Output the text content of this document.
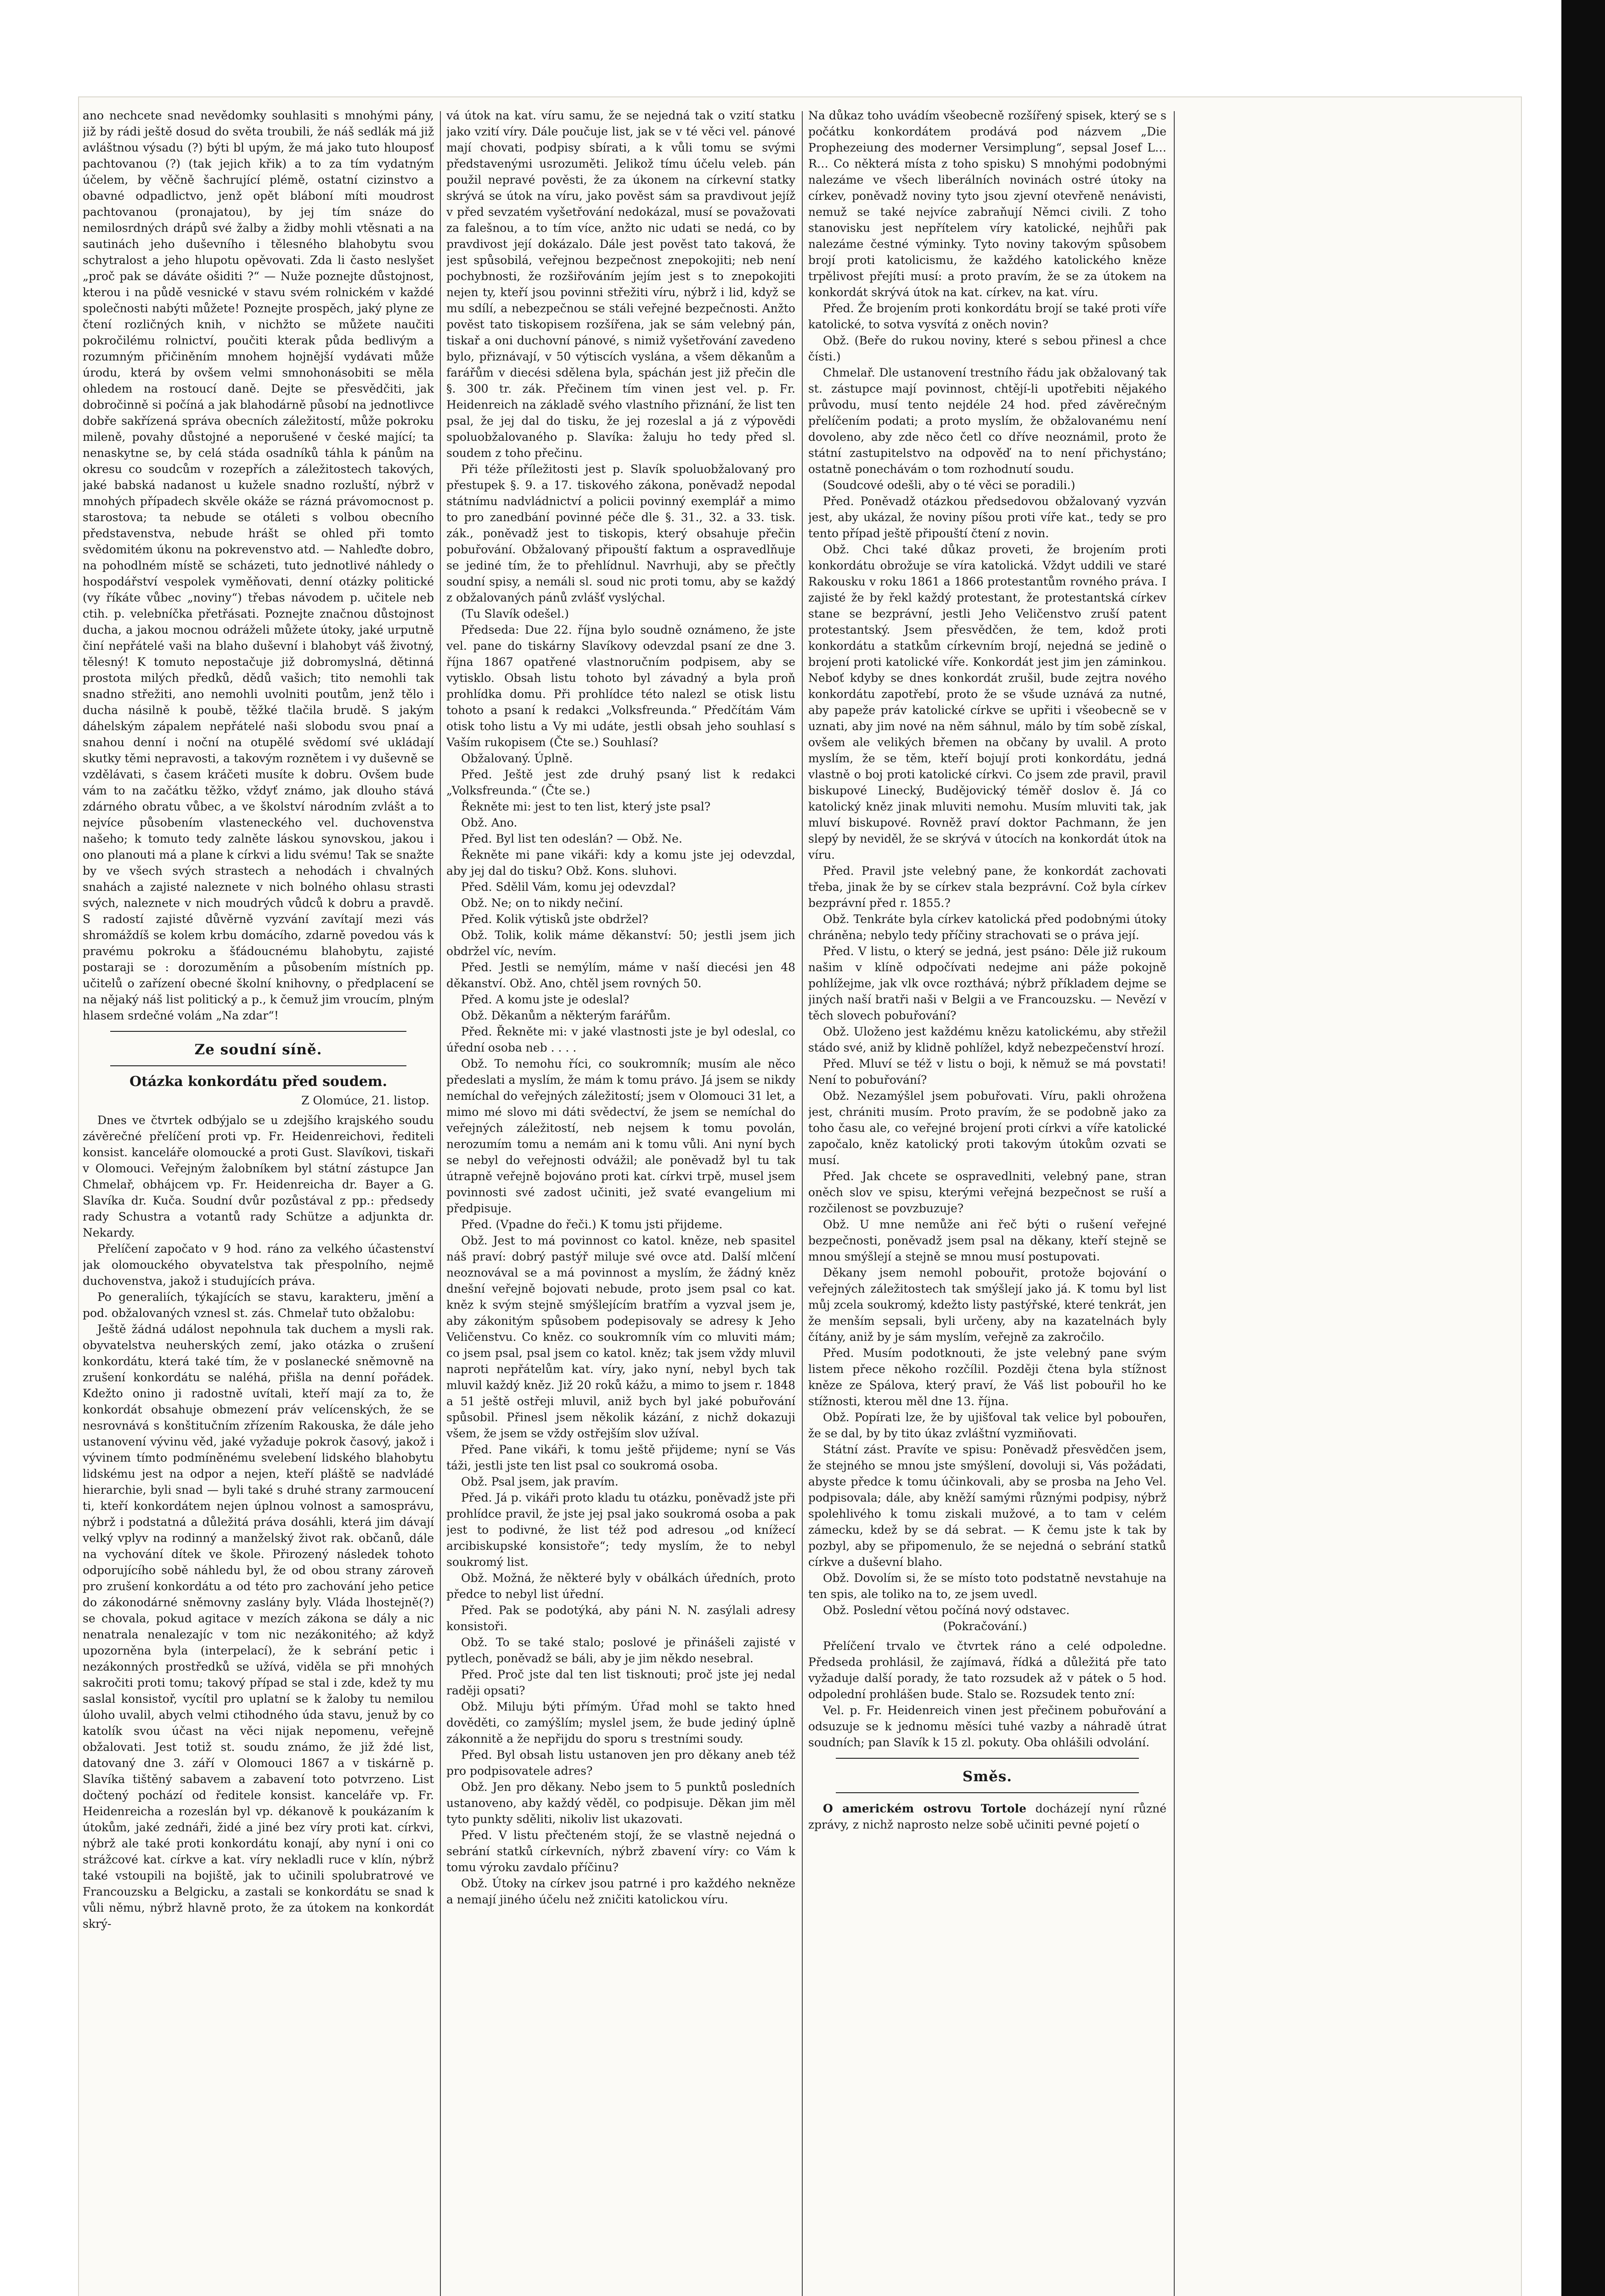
ano nechcete snad nevědomky souhlasiti s mnohými pány, již by rádi ještě dosud do světa troubili, že náš sedlák má již avláštnou výsadu (?) býti bl upým, že má jako tuto hlouposť pachtovanou (?) (tak jejich křik) a to za tím vydatným účelem, by věčně šachrující plémě, ostatní cizinstvo a obavné odpadlictvo, jenž opět bláboní míti moudrost pachtovanou (pronajatou), by jej tím snáze do nemilosrdných drápů své žalby a židby mohli vtěsnati a na sautinách jeho duševního i tělesného blahobytu svou schytralost a jeho hlupotu opěvovati. Zda li často neslyšet „proč pak se dáváte ošiditi ?“ — Nuže poznejte důstojnost, kterou i na půdě vesnické v stavu svém rolnickém v každé společnosti nabýti můžete! Poznejte prospěch, jaký plyne ze čtení rozličných knih, v nichžto se můžete naučiti pokročilému rolnictví, poučiti kterak půda bedlivým a rozumným přičiněním mnohem hojnější vydávati může úrodu, která by ovšem velmi smnohonásobiti se měla ohledem na rostoucí daně. Dejte se přesvědčiti, jak dobročinně si počíná a jak blahodárně působí na jednotlivce dobře sakřízená správa obecních záležitostí, může pokroku mileně, povahy důstojné a neporušené v české mající; ta nenaskytne se, by celá stáda osadníků táhla k pánům na okresu co soudcům v rozepřích a záležitostech takových, jaké babská nadanost u kužele snadno rozluští, nýbrž v mnohých případech skvěle okáže se rázná právomocnost p. starostova; ta nebude se otáleti s volbou obecního představenstva, nebude hrášt se ohled při tomto svědomitém úkonu na pokrevenstvo atd. — Nahleďte dobro, na pohodlném místě se scházeti, tuto jednotlivé náhledy o hospodářství vespolek vyměňovati, denní otázky politické (vy říkáte vůbec „noviny“) třebas návodem p. učitele neb ctih. p. velebníčka přetřásati. Poznejte značnou důstojnost ducha, a jakou mocnou odráželi můžete útoky, jaké urputně činí nepřátelé vaši na blaho duševní i blahobyt váš životný, tělesný! K tomuto nepostačuje již dobromyslná, dětinná prostota milých předků, dědů vašich; tito nemohli tak snadno střežiti, ano nemohli uvolniti poutům, jenž tělo i ducha násilně k poubě, těžké tlačila brudě. S jakým dáhelským zápalem nepřátelé naši slobodu svou pnaí a snahou denní i noční na otupělé svědomí své ukládají skutky těmi nepravosti, a takovým roznětem i vy duševně se vzdělávati, s časem kráčeti musíte k dobru. Ovšem bude vám to na začátku těžko, vždyť známo, jak dlouho stává zdárného obratu vůbec, a ve školství národním zvlášt a to nejvíce působením vlasteneckého vel. duchovenstva našeho; k tomuto tedy zalněte láskou synovskou, jakou i ono planouti má a plane k církvi a lidu svému! Tak se snažte by ve všech svých strastech a nehodách i chvalných snahách a zajisté naleznete v nich bolného ohlasu strasti svých, naleznete v nich moudrých vůdců k dobru a pravdě. S radostí zajisté důvěrně vyzvání zavítají mezi vás shromáždíš se kolem krbu domácího, zdarně povedou vás k pravému pokroku a šťádoucnému blahobytu, zajisté postaraji se : dorozuměním a působením místních pp. učitelů o zařízení obecné školní knihovny, o předplacení se na nějaký náš list politický a p., k čemuž jim vroucím, plným hlasem srdečné volám „Na zdar“!

Ze soudní síně.
Otázka konkordátu před soudem.
Z Olomúce, 21. listop.

Dnes ve čtvrtek odbýjalo se u zdejšího krajského soudu závěrečné přelíčení proti vp. Fr. Heidenreichovi, řediteli konsist. kanceláře olomoucké a proti Gust. Slavíkovi, tiskaři v Olomouci. Veřejným žalobníkem byl státní zástupce Jan Chmelař, obhájcem vp. Fr. Heidenreicha dr. Bayer a G. Slavíka dr. Kuča. Soudní dvůr pozůstával z pp.: předsedy rady Schustra a votantů rady Schütze a adjunkta dr. Nekardy.

Přelíčení započato v 9 hod. ráno za velkého účastenství jak olomouckého obyvatelstva tak přespolního, nejmě duchovenstva, jakož i studujících práva.

Po generaliích, týkajících se stavu, karakteru, jmění a pod. obžalovaných vznesl st. zás. Chmelař tuto obžalobu:

Ještě žádná událost nepohnula tak duchem a mysli rak. obyvatelstva neuherských zemí, jako otázka o zrušení konkordátu, která také tím, že v poslanecké sněmovně na zrušení konkordátu se naléhá, přišla na denní pořádek. Kdežto onino ji radostně uvítali, kteří mají za to, že konkordát obsahuje obmezení práv velícenských, že se nesrovnává s konštitučním zřízením Rakouska, že dále jeho ustanovení vývinu věd, jaké vyžaduje pokrok časový, jakož i vývinem tímto podmíněnému svelebení lidského blahobytu lidskému jest na odpor a nejen, kteří pláště se nadvládé hierarchie, byli snad — byli také s druhé strany zarmoucení ti, kteří konkordátem nejen úplnou volnost a samosprávu, nýbrž i podstatná a důležitá práva dosáhli, která jim dávají velký vplyv na rodinný a manželský život rak. občanů, dále na vychování dítek ve škole. Přirozený následek tohoto odporujícího sobě náhledu byl, že od obou strany zároveň pro zrušení konkordátu a od této pro zachování jeho petice do zákonodárné sněmovny zaslány byly. Vláda lhostejně(?) se chovala, pokud agitace v mezích zákona se dály a nic nenatrala nenalezajíc v tom nic nezákonitého; až když upozorněna byla (interpelací), že k sebrání petic i nezákonných prostředků se užívá, viděla se při mnohých sakročiti proti tomu; takový případ se stal i zde, kdež ty mu saslal konsistoř, vycítil pro uplatní se k žaloby tu nemilou úloho uvalil, abych velmi ctihodného úda stavu, jenuž by co katolík svou účast na věci nijak nepomenu, veřejně obžalovati. Jest totiž st. soudu známo, že již ždé list, datovaný dne 3. září v Olomouci 1867 a v tiskárně p. Slavíka tištěný sabavem a zabavení toto potvrzeno. List dočtený pochází od ředitele konsist. kanceláře vp. Fr. Heidenreicha a rozeslán byl vp. dékanově k poukázaním k útokům, jaké zednáři, židé a jiné bez víry proti kat. církvi, nýbrž ale také proti konkordátu konají, aby nyní i oni co strážcové kat. církve a kat. víry nekladli ruce v klín, nýbrž také vstoupili na bojiště, jak to učinili spolubratrové ve Francouzsku a Belgicku, a zastali se konkordátu se snad k vůli němu, nýbrž hlavně proto, že za útokem na konkordát skrý-

vá útok na kat. víru samu, že se nejedná tak o vzití statku jako vzití víry. Dále poučuje list, jak se v té věci vel. pánové mají chovati, podpisy sbírati, a k vůli tomu se svými představenými usrozuměti. Jelikož tímu účelu veleb. pán použil nepravé pověsti, že za úkonem na církevní statky skrývá se útok na víru, jako pověst sám sa pravdivout jejíž v před sevzatém vyšetřování nedokázal, musí se považovati za falešnou, a to tím více, anžto nic udati se nedá, co by pravdivost její dokázalo. Dále jest pověst tato taková, že jest spůsobilá, veřejnou bezpečnost znepokojiti; neb není pochybnosti, že rozšiřováním jejím jest s to znepokojiti nejen ty, kteří jsou povinni střežiti víru, nýbrž i lid, když se mu sdílí, a nebezpečnou se stáli veřejné bezpečnosti. Anžto pověst tato tiskopisem rozšířena, jak se sám velebný pán, tiskař a oni duchovní pánové, s nimiž vyšetřování zavedeno bylo, přiznávají, v 50 výtiscích vyslána, a všem děkanům a farářům v diecési sdělena byla, spáchán jest již přečin dle §. 300 tr. zák. Přečinem tím vinen jest vel. p. Fr. Heidenreich na základě svého vlastního přiznání, že list ten psal, že jej dal do tisku, že jej rozeslal a já z výpovědi spoluobžalovaného p. Slavíka: žaluju ho tedy před sl. soudem z toho přečinu.

Při téže příležitosti jest p. Slavík spoluobžalovaný pro přestupek §. 9. a 17. tiskového zákona, poněvadž nepodal státnímu nadvládnictví a policii povinný exemplář a mimo to pro zanedbání povinné péče dle §. 31., 32. a 33. tisk. zák., poněvadž jest to tiskopis, který obsahuje přečin pobuřování. Obžalovaný připouští faktum a ospravedlňuje se jediné tím, že to přehlídnul. Navrhuji, aby se přečtly soudní spisy, a nemáli sl. soud nic proti tomu, aby se každý z obžalovaných pánů zvlášť vyslýchal.

(Tu Slavík odešel.)

Předseda: Due 22. října bylo soudně oznámeno, že jste vel. pane do tiskárny Slavíkovy odevzdal psaní ze dne 3. října 1867 opatřené vlastnoručním podpisem, aby se vytisklo. Obsah listu tohoto byl závadný a byla proň prohlídka domu. Při prohlídce této nalezl se otisk listu tohoto a psaní k redakci „Volksfreunda.“ Předčítám Vám otisk toho listu a Vy mi udáte, jestli obsah jeho souhlasí s Vaším rukopisem (Čte se.) Souhlasí?

Obžalovaný. Úplně.

Před. Ještě jest zde druhý psaný list k redakci „Volksfreunda.“ (Čte se.)

Řekněte mi: jest to ten list, který jste psal?

Obž. Ano.

Před. Byl list ten odeslán? — Obž. Ne.

Řekněte mi pane vikáři: kdy a komu jste jej odevzdal, aby jej dal do tisku? Obž. Kons. sluhovi.

Před. Sdělil Vám, komu jej odevzdal?

Obž. Ne; on to nikdy nečiní.

Před. Kolik výtisků jste obdržel?

Obž. Tolik, kolik máme děkanství: 50; jestli jsem jich obdržel víc, nevím.

Před. Jestli se nemýlím, máme v naší diecési jen 48 děkanství. Obž. Ano, chtěl jsem rovných 50.

Před. A komu jste je odeslal?

Obž. Děkanům a některým farářům.

Před. Řekněte mi: v jaké vlastnosti jste je byl odeslal, co úřední osoba neb . . . .

Obž. To nemohu říci, co soukromník; musím ale něco předeslati a myslím, že mám k tomu právo. Já jsem se nikdy nemíchal do veřejných záležitostí; jsem v Olomouci 31 let, a mimo mé slovo mi dáti svědectví, že jsem se nemíchal do veřejných záležitostí, neb nejsem k tomu povolán, nerozumím tomu a nemám ani k tomu vůli. Ani nyní bych se nebyl do veřejnosti odvážil; ale poněvadž byl tu tak útrapně veřejně bojováno proti kat. církvi trpě, musel jsem povinnosti své zadost učiniti, jež svaté evangelium mi předpisuje.

Před. (Vpadne do řeči.) K tomu jsti přijdeme.

Obž. Jest to má povinnost co katol. kněze, neb spasitel náš praví: dobrý pastýř miluje své ovce atd. Další mlčení neoznovával se a má povinnost a myslím, že žádný kněz dnešní veřejně bojovati nebude, proto jsem psal co kat. kněz k svým stejně smýšlejícím bratřím a vyzval jsem je, aby zákonitým spůsobem podepisovaly se adresy k Jeho Veličenstvu. Co kněz. co soukromník vím co mluviti mám; co jsem psal, psal jsem co katol. kněz; tak jsem vždy mluvil naproti nepřátelům kat. víry, jako nyní, nebyl bych tak mluvil každý kněz. Již 20 roků kážu, a mimo to jsem r. 1848 a 51 ještě ostřeji mluvil, aniž bych byl jaké pobuřování spůsobil. Přinesl jsem několik kázání, z nichž dokazuji všem, že jsem se vždy ostřejším slov užíval.

Před. Pane vikáři, k tomu ještě přijdeme; nyní se Vás táži, jestli jste ten list psal co soukromá osoba.

Obž. Psal jsem, jak pravím.

Před. Já p. vikáři proto kladu tu otázku, poněvadž jste při prohlídce pravil, že jste jej psal jako soukromá osoba a pak jest to podivné, že list též pod adresou „od knížecí arcibiskupské konsistoře“; tedy myslím, že to nebyl soukromý list.

Obž. Možná, že některé byly v obálkách úředních, proto předce to nebyl list úřední.

Před. Pak se podotýká, aby páni N. N. zasýlali adresy konsistoři.

Obž. To se také stalo; poslové je přinášeli zajisté v pytlech, poněvadž se báli, aby je jim někdo nesebral.

Před. Proč jste dal ten list tisknouti; proč jste jej nedal raději opsati?

Obž. Miluju býti přímým. Úřad mohl se takto hned dověděti, co zamýšlím; myslel jsem, že bude jediný úplně zákonnitě a že nepřijdu do sporu s trestními soudy.

Před. Byl obsah listu ustanoven jen pro děkany aneb též pro podpisovatele adres?

Obž. Jen pro děkany. Nebo jsem to 5 punktů posledních ustanoveno, aby každý věděl, co podpisuje. Děkan jim měl tyto punkty sděliti, nikoliv list ukazovati.

Před. V listu přečteném stojí, že se vlastně nejedná o sebrání statků církevních, nýbrž zbavení víry: co Vám k tomu výroku zavdalo příčinu?

Obž. Útoky na církev jsou patrné i pro každého neknězе a nemají jiného účelu než zničiti katolickou víru.

Na důkaz toho uvádím všeobecně rozšířený spisek, který se s počátku konkordátem prodává pod názvem „Die Prophezeiung des moderner Versimplung“, sepsal Josef L… R… Co některá místa z toho spisku) S mnohými podobnými nalezáme ve všech liberálních novinách ostré útoky na církev, poněvadž noviny tyto jsou zjevní otevřeně nenávisti, nemuž se také nejvíce zabraňují Němci civili. Z toho stanovisku jest nepřítelem víry katolické, nejhůři pak nalezáme čestné výminky. Tyto noviny takovým spůsobem brojí proti katolicismu, že každého katolického kněze trpělivost přejíti musí: a proto pravím, že se za útokem na konkordát skrývá útok na kat. církev, na kat. víru.

Před. Že brojením proti konkordátu brojí se také proti víře katolické, to sotva vysvítá z oněch novin?

Obž. (Beře do rukou noviny, které s sebou přinesl a chce čísti.)

Chmelař. Dle ustanovení trestního řádu jak obžalovaný tak st. zástupce mají povinnost, chtějí-li upotřebiti nějakého průvodu, musí tento nejdéle 24 hod. před závěrečným přelíčením podati; a proto myslím, že obžalovanému není dovoleno, aby zde něco četl co dříve neoznámil, proto že státní zastupitelstvo na odpověď na to není přichystáno; ostatně ponechávám o tom rozhodnutí soudu.

(Soudcové odešli, aby o té věci se poradili.)

Před. Poněvadž otázkou předsedovou obžalovaný vyzván jest, aby ukázal, že noviny píšou proti víře kat., tedy se pro tento případ ještě připouští čtení z novin.

Obž. Chci také důkaz proveti, že brojením proti konkordátu obrožuje se víra katolická. Vždyt uddili ve staré Rakousku v roku 1861 a 1866 protestantům rovného práva. I zajisté že by řekl každý protestant, že protestantská církev stane se bezprávní, jestli Jeho Veličenstvo zruší patent protestantský. Jsem přesvědčen, že tem, kdož proti konkordátu a statkům církevním brojí, nejedná se jedině o brojení proti katolické víře. Konkordát jest jim jen záminkou. Neboť kdyby se dnes konkordát zrušil, bude zejtra nového konkordátu zapotřebí, proto že se všude uznává za nutné, aby papeže práv katolické církve se upřiti i všeobecně se v uznati, aby jim nové na něm sáhnul, málo by tím sobě získal, ovšem ale velikých břemen na občany by uvalil. A proto myslím, že se těm, kteří bojují proti konkordátu, jedná vlastně o boj proti katolické církvi. Co jsem zde pravil, pravil biskupové Linecký, Budějovický téměř doslov ě. Já co katolický kněz jinak mluviti nemohu. Musím mluviti tak, jak mluví biskupové. Rovněž praví doktor Pachmann, že jen slepý by neviděl, že se skrývá v útocích na konkordát útok na víru.

Před. Pravil jste velebný pane, že konkordát zachovati třeba, jinak že by se církev stala bezprávní. Což byla církev bezprávní před r. 1855.?

Obž. Tenkráte byla církev katolická před podobnými útoky chráněna; nebylo tedy příčiny strachovati se o práva její.

Před. V listu, o který se jedná, jest psáno: Děle již rukoum našim v klíně odpočívati nedejme ani páže pokojně pohlížejme, jak vlk ovce rozthává; nýbrž příkladem dejme se jiných naší bratři naši v Belgii a ve Francouzsku. — Nevězí v těch slovech pobuřování?

Obž. Uloženo jest každému knězu katolickému, aby střežil stádo své, aniž by klidně pohlížel, když nebezpečenství hrozí.

Před. Mluví se též v listu o boji, k němuž se má povstati! Není to pobuřování?

Obž. Nezamýšlel jsem pobuřovati. Víru, pakli ohrožena jest, chrániti musím. Proto pravím, že se podobně jako za toho času ale, co veřejné brojení proti církvi a víře katolické započalo, kněz katolický proti takovým útokům ozvati se musí.

Před. Jak chcete se ospravedlniti, velebný pane, stran oněch slov ve spisu, kterými veřejná bezpečnost se ruší a rozčilenost se povzbuzuje?

Obž. U mne nemůže ani řeč býti o rušení veřejné bezpečnosti, poněvadž jsem psal na děkany, kteří stejně se mnou smýšlejí a stejně se mnou musí postupovati.

Děkany jsem nemohl pobouřit, protože bojování o veřejných záležitostech tak smýšlejí jako já. K tomu byl list můj zcela soukromý, kdežto listy pastýřské, které tenkrát, jen že menším sepsali, byli určeny, aby na kazatelnách byly čítány, aniž by je sám myslím, veřejně za zakročilo.

Před. Musím podotknouti, že jste velebný pane svým listem přece někoho rozčílil. Později čtena byla stížnost kněze ze Spálova, který praví, že Váš list pobouřil ho ke stížnosti, kterou měl dne 13. října.

Obž. Popírati lze, že by ujišťoval tak velice byl pobouřen, že se dal, by by tito úkaz zvláštní vyzmiňovati.

Státní zást. Pravíte ve spisu: Poněvadž přesvědčen jsem, že stejného se mnou jste smýšlení, dovoluji si, Vás požádati, abyste předce k tomu účinkovali, aby se prosba na Jeho Vel. podpisovala; dále, aby kněží samými různými podpisy, nýbrž spolehlivého k tomu ziskali mužové, a to tam v celém zámecku, kdež by se dá sebrat. — K čemu jste k tak by pozbyl, aby se připomenulo, že se nejedná o sebrání statků církve a duševní blaho.

Obž. Dovolím si, že se místo toto podstatně nevstahuje na ten spis, ale toliko na to, ze jsem uvedl.

Obž. Poslední větou počíná nový odstavec.

(Pokračování.)

Přelíčení trvalo ve čtvrtek ráno a celé odpoledne. Předseda prohlásil, že zajímavá, řídká a důležitá pře tato vyžaduje další porady, že tato rozsudek až v pátek o 5 hod. odpolední prohlášen bude. Stalo se. Rozsudek tento zní:

Vel. p. Fr. Heidenreich vinen jest přečinem pobuřování a odsuzuje se k jednomu měsíci tuhé vazby a náhradě útrat soudních; pan Slavík k 15 zl. pokuty. Oba ohlášili odvolání.

Směs.

O americkém ostrovu Tortole docházejí nyní různé zprávy, z nichž naprosto nelze sobě učiniti pevné pojetí o
